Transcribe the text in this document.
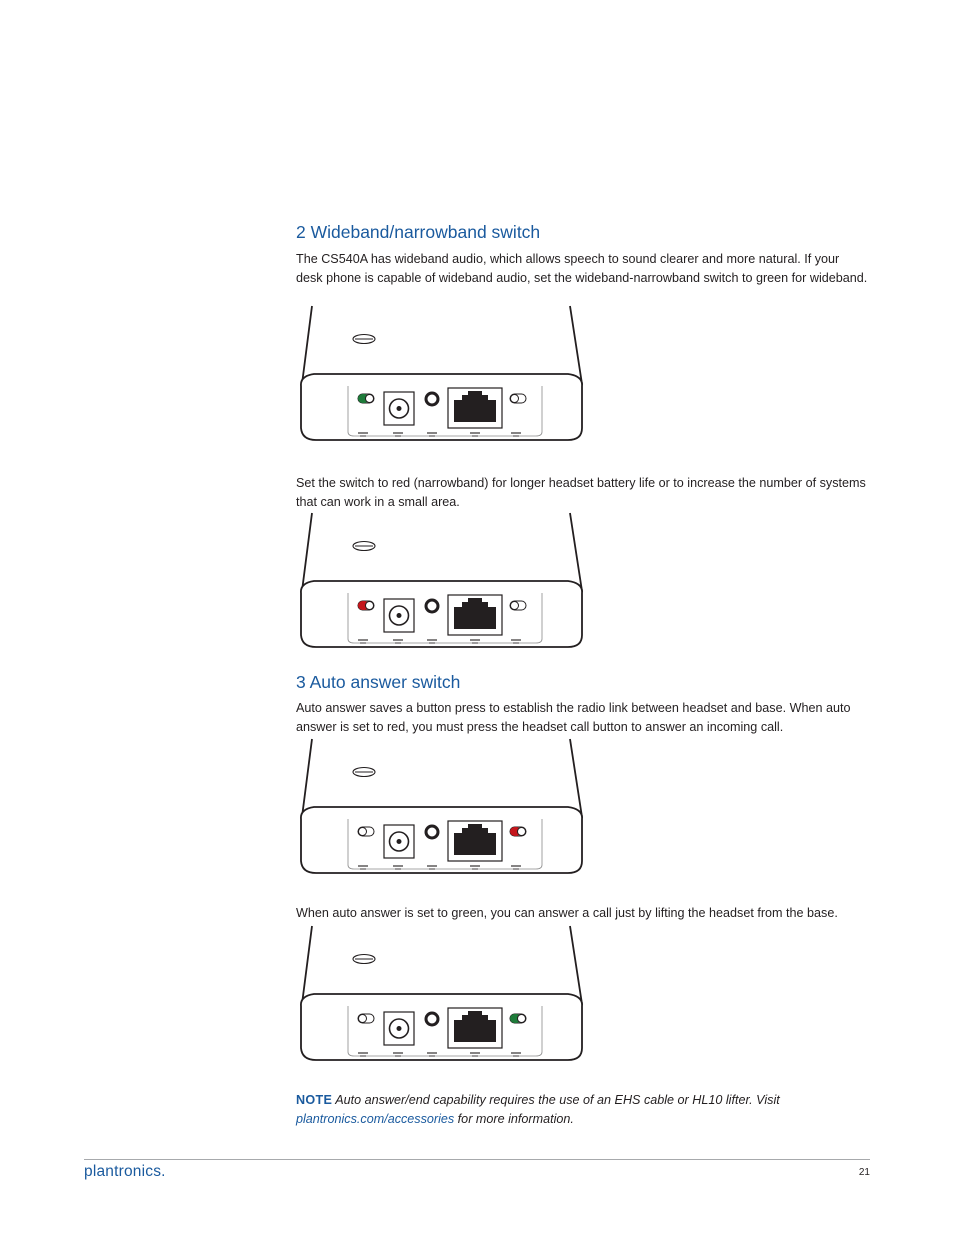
2 Wideband/narrowband switch

The CS540A has wideband audio, which allows speech to sound clearer and more natural. If your desk phone is capable of wideband audio, set the wideband-narrowband switch to green for wideband.

Set the switch to red (narrowband) for longer headset battery life or to increase the number of systems that can work in a small area.

3 Auto answer switch

Auto answer saves a button press to establish the radio link between headset and base. When auto answer is set to red, you must press the headset call button to answer an incoming call.

When auto answer is set to green, you can answer a call just by lifting the headset from the base.

NOTE Auto answer/end capability requires the use of an EHS cable or HL10 lifter. Visit plantronics.com/accessories for more information.

plantronics.	21
